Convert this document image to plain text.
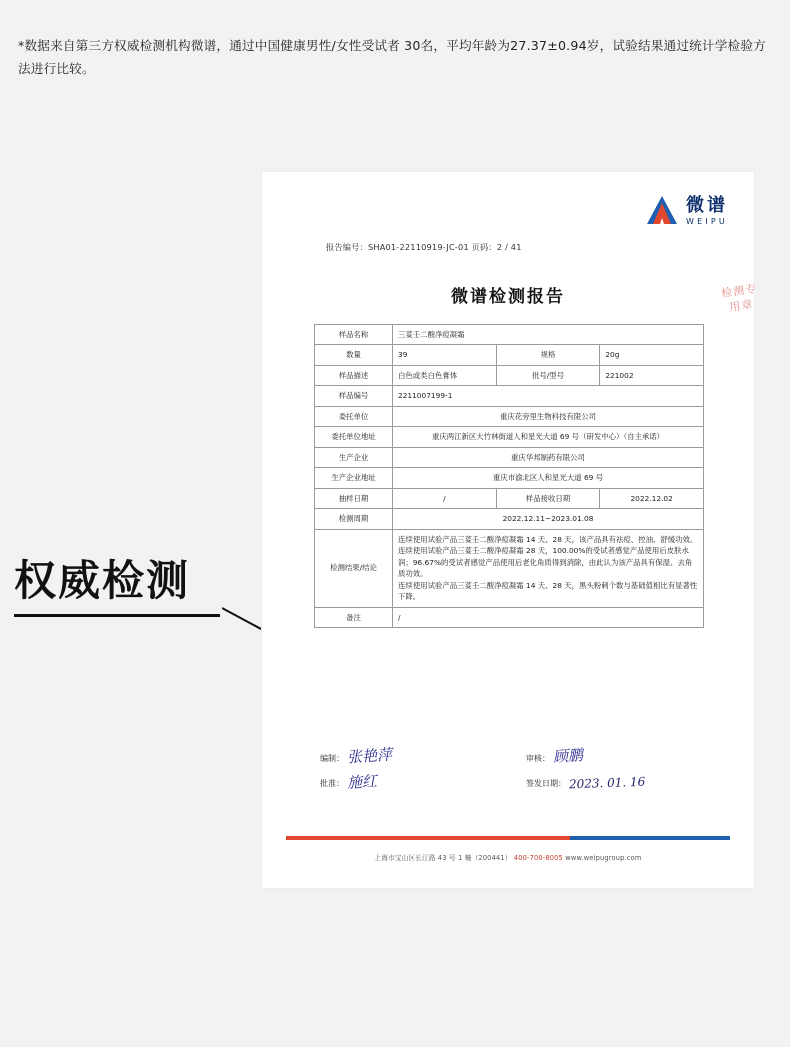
*数据来自第三方权威检测机构微谱，通过中国健康男性/女性受试者 30名，平均年龄为27.37±0.94岁，试验结果通过统计学检验方法进行比较。
权威检测
微谱
WEIPU
报告编号：SHA01-22110919-JC-01 页码：2 / 41
微谱检测报告	检测专用章
样品名称	三荽壬二酸净痘凝霜		
数量	39	规格	20g
样品描述	白色或类白色膏体	批号/型号	221002
样品编号	2211007199-1		
委托单位	重庆花旁里生物科技有限公司		
委托单位地址	重庆两江新区大竹林街道人和星光大道 69 号（研发中心）（自主承诺）		
生产企业	重庆华邦制药有限公司		
生产企业地址	重庆市渝北区人和星光大道 69 号		
抽样日期	/	样品接收日期	2022.12.02
检测周期	2022.12.11~2023.01.08		
检测结果/结论	连续使用试验产品三荽壬二酸净痘凝霜 14 天、28 天，该产品具有祛痘、控油、舒缓功效。
连续使用试验产品三荽壬二酸净痘凝霜 28 天，100.00%的受试者感觉产品使用后皮肤水润；96.67%的受试者感觉产品使用后老化角质得到消除，由此认为该产品具有保湿、去角质功效。
连续使用试验产品三荽壬二酸净痘凝霜 14 天、28 天，黑头粉刺个数与基础值相比有显著性下降。		

备注	/		
编制： 张艳萍	审核： 顾鹏
批准： 施红	签发日期： 2023. 01. 16
上海市宝山区长江路 43 号 1 幢（200441） 400-700-8005 www.weipugroup.com
